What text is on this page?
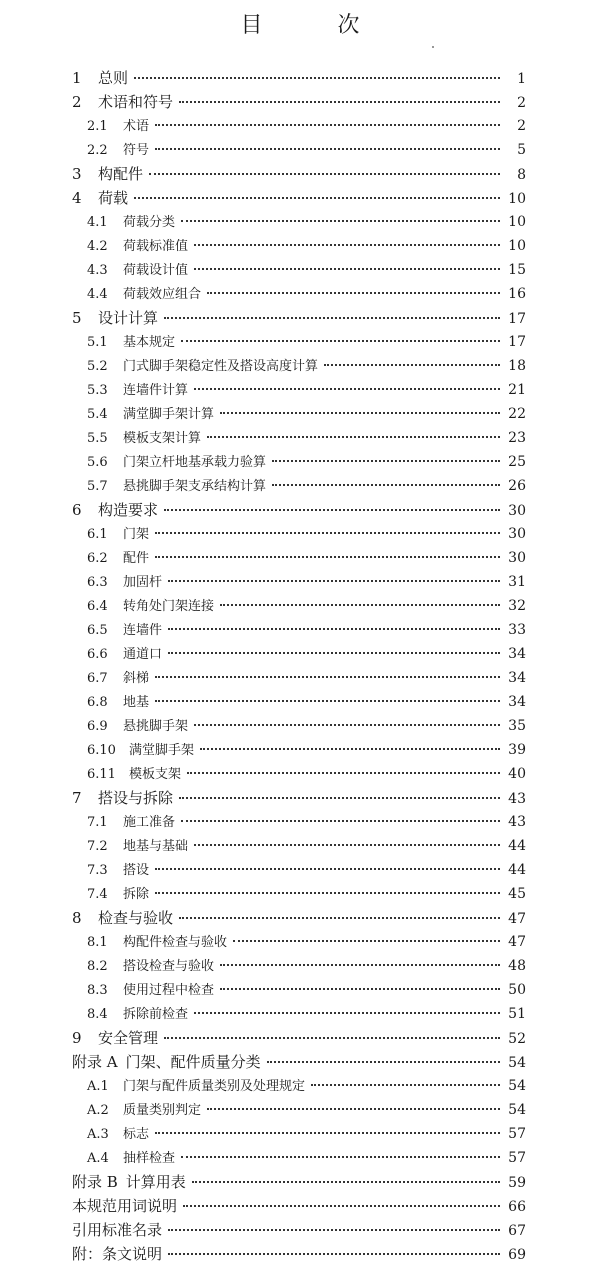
目 次
1	总则	1
2	术语和符号	2
2.1	术语	2
2.2	符号	5
3	构配件	8
4	荷载	10
4.1	荷载分类	10
4.2	荷载标准值	10
4.3	荷载设计值	15
4.4	荷载效应组合	16
5	设计计算	17
5.1	基本规定	17
5.2	门式脚手架稳定性及搭设高度计算	18
5.3	连墙件计算	21
5.4	满堂脚手架计算	22
5.5	模板支架计算	23
5.6	门架立杆地基承载力验算	25
5.7	悬挑脚手架支承结构计算	26
6	构造要求	30
6.1	门架	30
6.2	配件	30
6.3	加固杆	31
6.4	转角处门架连接	32
6.5	连墙件	33
6.6	通道口	34
6.7	斜梯	34
6.8	地基	34
6.9	悬挑脚手架	35
6.10	满堂脚手架	39
6.11	模板支架	40
7	搭设与拆除	43
7.1	施工准备	43
7.2	地基与基础	44
7.3	搭设	44
7.4	拆除	45
8	检查与验收	47
8.1	构配件检查与验收	47
8.2	搭设检查与验收	48
8.3	使用过程中检查	50
8.4	拆除前检查	51
9	安全管理	52
附录 A 门架、配件质量分类	54
A.1	门架与配件质量类别及处理规定	54
A.2	质量类别判定	54
A.3	标志	57
A.4	抽样检查	57
附录 B 计算用表	59
本规范用词说明	66
引用标准名录	67
附：条文说明	69
